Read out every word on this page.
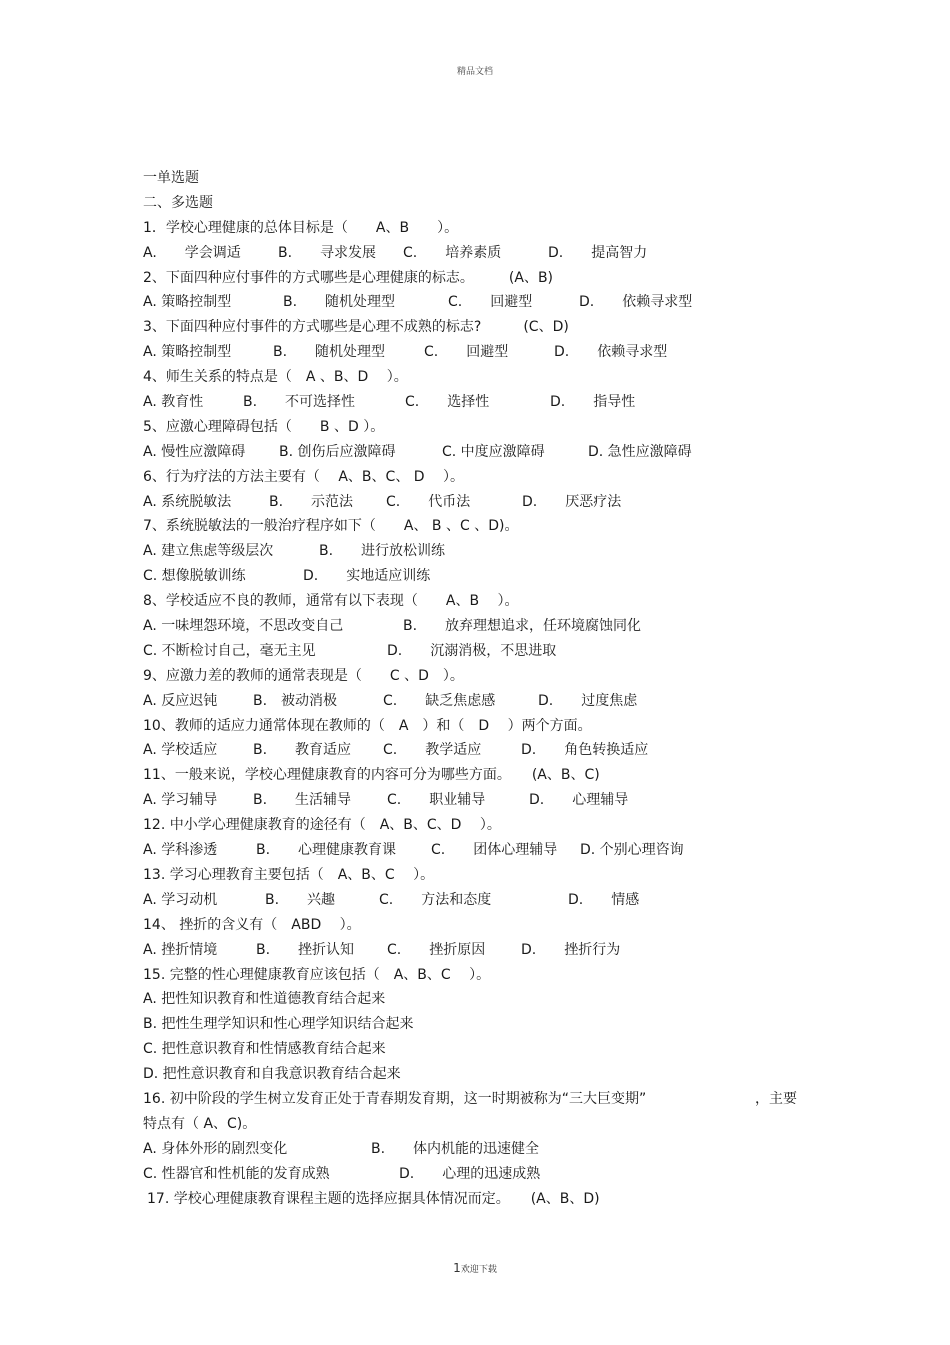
精品文档
一单选题
二、多选题
1．学校心理健康的总体目标是（　　A、B　　）。
A.　　学会调适	B.　　寻求发展 C.　　培养素质	D.　　提高智力
2、下面四种应付事件的方式哪些是心理健康的标志。　　　(A、B)
A. 策略控制型	B.　　随机处理型	C.　　回避型	D.　　依赖寻求型
3、下面四种应付事件的方式哪些是心理不成熟的标志?　　　(C、D)
A. 策略控制型	B.　　随机处理型	C.　　回避型	D.　　依赖寻求型
4、师生关系的特点是（　A 、B、D　 ）。
A. 教育性	B.　　不可选择性	C.　　选择性	D.　　指导性
5、应激心理障碍包括（　　B 、D ）。
A. 慢性应激障碍 B. 创伤后应激障碍	C. 中度应激障碍	D. 急性应激障碍
6、行为疗法的方法主要有（　 A、B、C、 D　 ）。
A. 系统脱敏法	B.　　示范法 C.　　代币法	D.　　厌恶疗法
7、系统脱敏法的一般治疗程序如下（　　A、 B 、C 、D)。
A. 建立焦虑等级层次	B.　　进行放松训练
C. 想像脱敏训练	D.　　实地适应训练
8、学校适应不良的教师，通常有以下表现（　　A、B　 ）。
A. 一味埋怨环境，不思改变自己	B.　　放弃理想追求，任环境腐蚀同化
C. 不断检讨自己，毫无主见	D.　　沉溺消极，不思进取
9、应激力差的教师的通常表现是（　　C 、D　）。
A. 反应迟钝	B.　被动消极	C.　　缺乏焦虑感	D.　　过度焦虑
10、教师的适应力通常体现在教师的（　A　）和（　D　 ）两个方面。
A. 学校适应	B.　　教育适应 C.　　教学适应	D.　　角色转换适应
11、一般来说，学校心理健康教育的内容可分为哪些方面。　　(A、B、C)
A. 学习辅导	B.　　生活辅导	C.　　职业辅导	D.　　心理辅导
12. 中小学心理健康教育的途径有（　A、B、C、D　 ）。
A. 学科渗透	B.　　心理健康教育课 C.　　团体心理辅导 D. 个别心理咨询
13. 学习心理教育主要包括（　A、B、C　 ）。
A. 学习动机	B.　　兴趣	C.　　方法和态度	D.　　情感
14、 挫折的含义有（　ABD　 ）。
A. 挫折情境	B.　　挫折认知 C.　　挫折原因	D.　　挫折行为
15. 完整的性心理健康教育应该包括（　A、B、C　 ）。
A. 把性知识教育和性道德教育结合起来
B. 把性生理学知识和性心理学知识结合起来
C. 把性意识教育和性情感教育结合起来
D. 把性意识教育和自我意识教育结合起来
16. 初中阶段的学生树立发育正处于青春期发育期，这一时期被称为“三大巨变期”	，主要
特点有（ A、C)。
A. 身体外形的剧烈变化	B.　　体内机能的迅速健全
C. 性器官和性机能的发育成熟	D.　　心理的迅速成熟
17. 学校心理健康教育课程主题的选择应据具体情况而定。　　(A、B、D)
1欢迎下载
